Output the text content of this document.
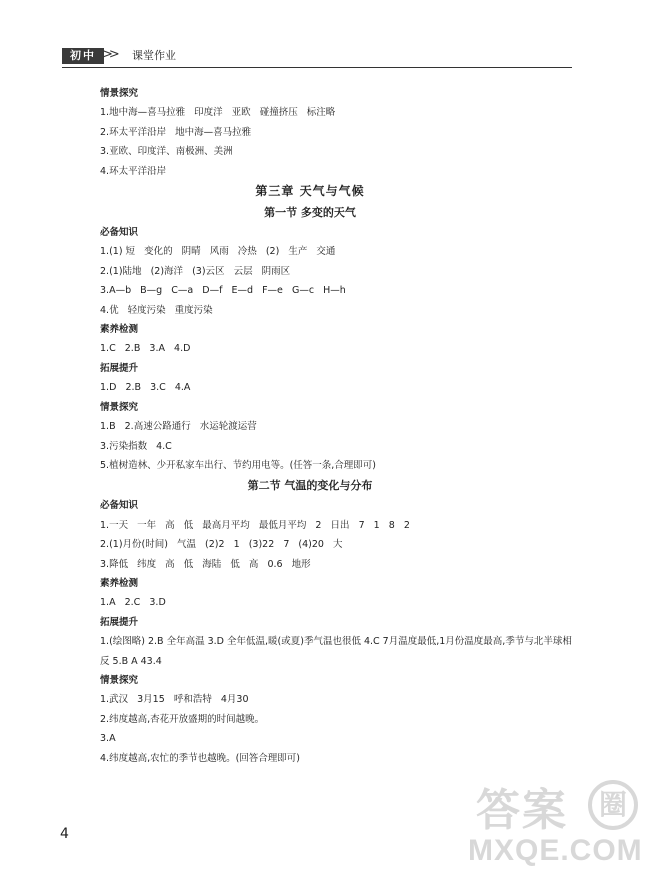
初中 >> 课堂作业
情景探究
1.地中海—喜马拉雅   印度洋   亚欧   碰撞挤压   标注略
2.环太平洋沿岸   地中海—喜马拉雅
3.亚欧、印度洋、南极洲、美洲
4.环太平洋沿岸
第三章 天气与气候
第一节 多变的天气
必备知识
1.(1) 短   变化的   阴晴   风雨   冷热   (2)   生产   交通
2.(1)陆地   (2)海洋   (3)云区   云层   阴雨区
3.A—b   B—g   C—a   D—f   E—d   F—e   G—c   H—h
4.优   轻度污染   重度污染
素养检测
1.C   2.B   3.A   4.D
拓展提升
1.D   2.B   3.C   4.A
情景探究
1.B   2.高速公路通行   水运轮渡运营
3.污染指数   4.C
5.植树造林、少开私家车出行、节约用电等。(任答一条,合理即可)
第二节 气温的变化与分布
必备知识
1.一天   一年   高   低   最高月平均   最低月平均   2   日出   7   1   8   2
2.(1)月份(时间)   气温   (2)2   1   (3)22   7   (4)20   大
3.降低   纬度   高   低   海陆   低   高   0.6   地形
素养检测
1.A   2.C   3.D
拓展提升
1.(绘图略) 2.B 全年高温 3.D 全年低温,暖(或夏)季气温也很低 4.C 7月温度最低,1月份温度最高,季节与北半球相反 5.B A 43.4
情景探究
1.武汉   3月15   呼和浩特   4月30
2.纬度越高,杏花开放盛期的时间越晚。
3.A
4.纬度越高,农忙的季节也越晚。(回答合理即可)
4	答案	圈
MXQE.COM
